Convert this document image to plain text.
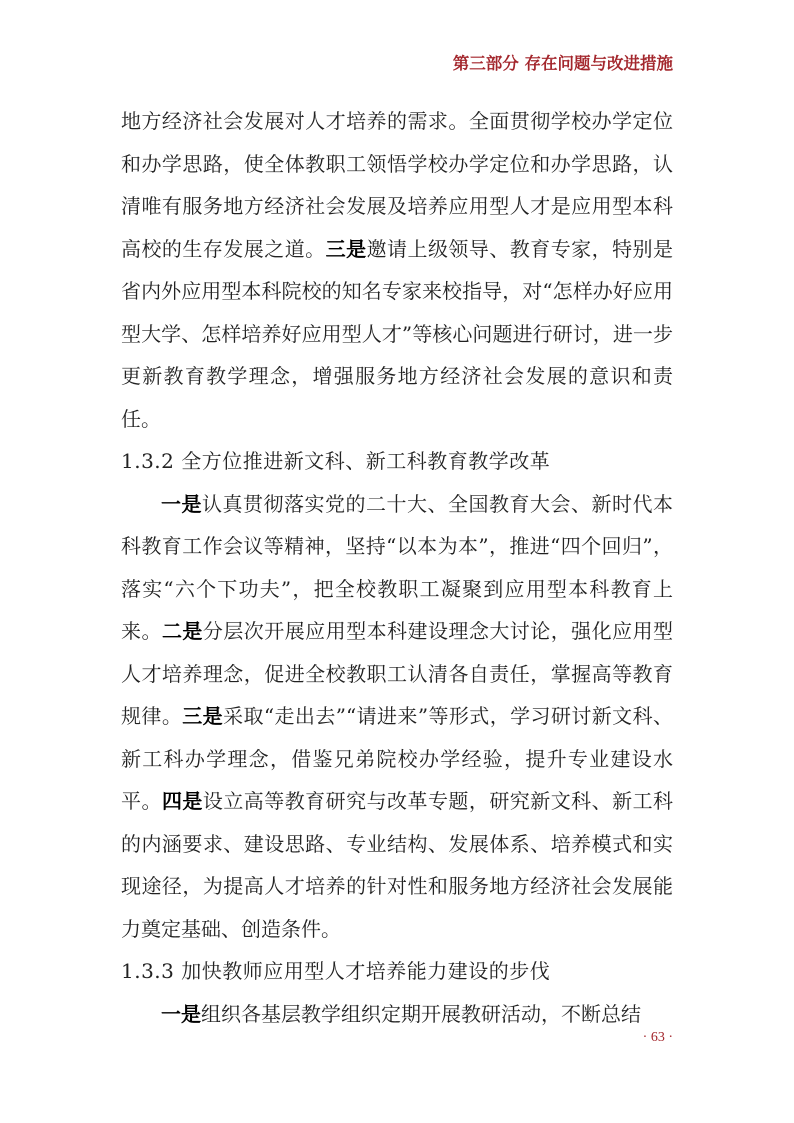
第三部分 存在问题与改进措施

地方经济社会发展对人才培养的需求。全面贯彻学校办学定位和办学思路，使全体教职工领悟学校办学定位和办学思路，认清唯有服务地方经济社会发展及培养应用型人才是应用型本科高校的生存发展之道。三是邀请上级领导、教育专家，特别是省内外应用型本科院校的知名专家来校指导，对“怎样办好应用型大学、怎样培养好应用型人才”等核心问题进行研讨，进一步更新教育教学理念，增强服务地方经济社会发展的意识和责任。

1.3.2 全方位推进新文科、新工科教育教学改革

一是认真贯彻落实党的二十大、全国教育大会、新时代本科教育工作会议等精神，坚持“以本为本”，推进“四个回归”，落实“六个下功夫”，把全校教职工凝聚到应用型本科教育上来。二是分层次开展应用型本科建设理念大讨论，强化应用型人才培养理念，促进全校教职工认清各自责任，掌握高等教育规律。三是采取“走出去”“请进来”等形式，学习研讨新文科、新工科办学理念，借鉴兄弟院校办学经验，提升专业建设水平。四是设立高等教育研究与改革专题，研究新文科、新工科的内涵要求、建设思路、专业结构、发展体系、培养模式和实现途径，为提高人才培养的针对性和服务地方经济社会发展能力奠定基础、创造条件。

1.3.3 加快教师应用型人才培养能力建设的步伐

一是组织各基层教学组织定期开展教研活动，不断总结

· 63 ·
